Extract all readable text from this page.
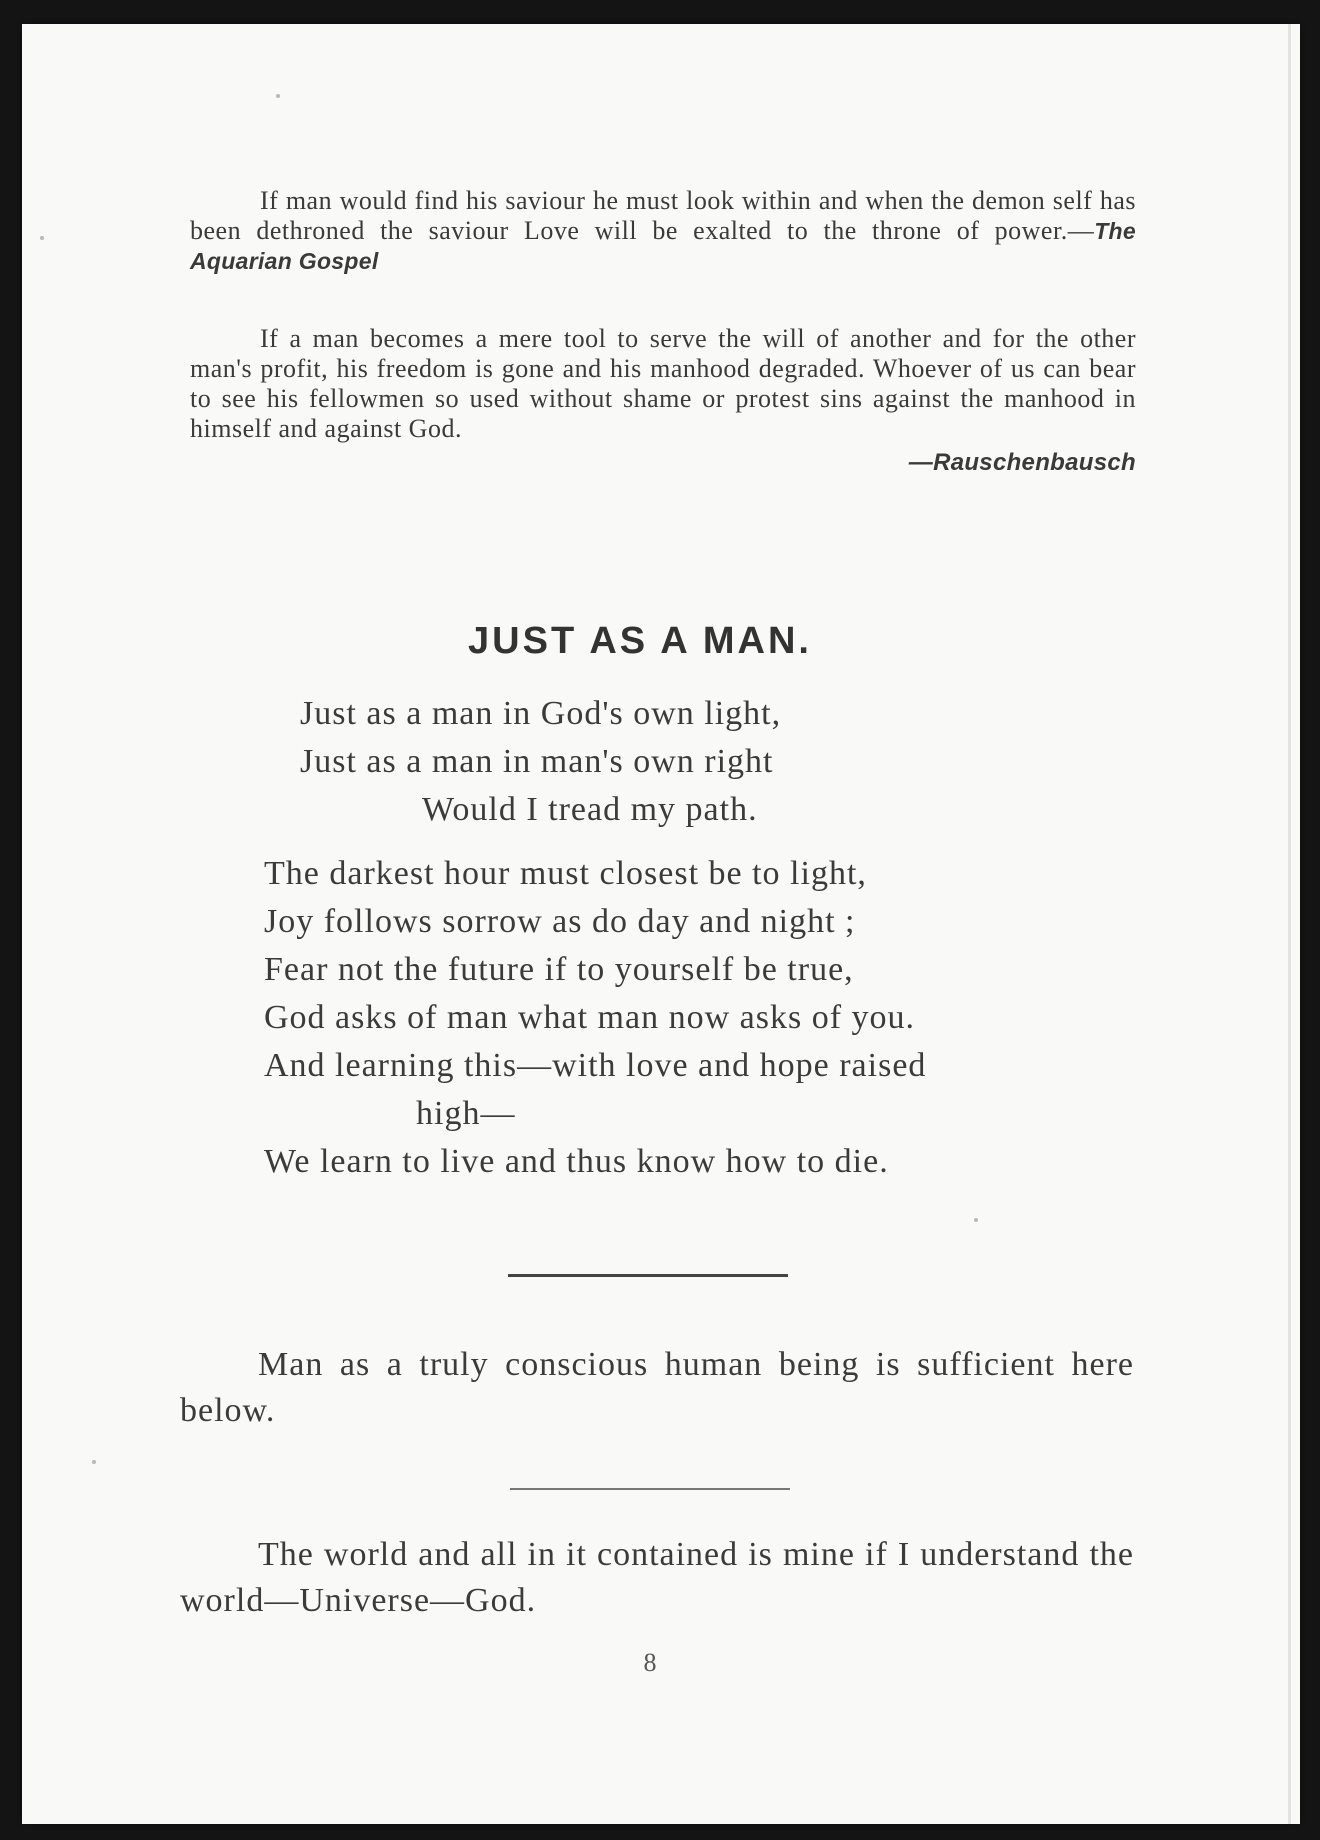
If man would find his saviour he must look within and when the demon self has been dethroned the saviour Love will be exalted to the throne of power.—The Aquarian Gospel

If a man becomes a mere tool to serve the will of another and for the other man's profit, his freedom is gone and his manhood degraded. Whoever of us can bear to see his fellowmen so used without shame or protest sins against the manhood in himself and against God.

—Rauschenbausch
JUST AS A MAN.
Just as a man in God's own light,
Just as a man in man's own right
Would I tread my path.
The darkest hour must closest be to light,
Joy follows sorrow as do day and night ;
Fear not the future if to yourself be true,
God asks of man what man now asks of you.
And learning this—with love and hope raised
high—
We learn to live and thus know how to die.

Man as a truly conscious human being is sufficient here below.

The world and all in it contained is mine if I understand the world—Universe—God.

8
